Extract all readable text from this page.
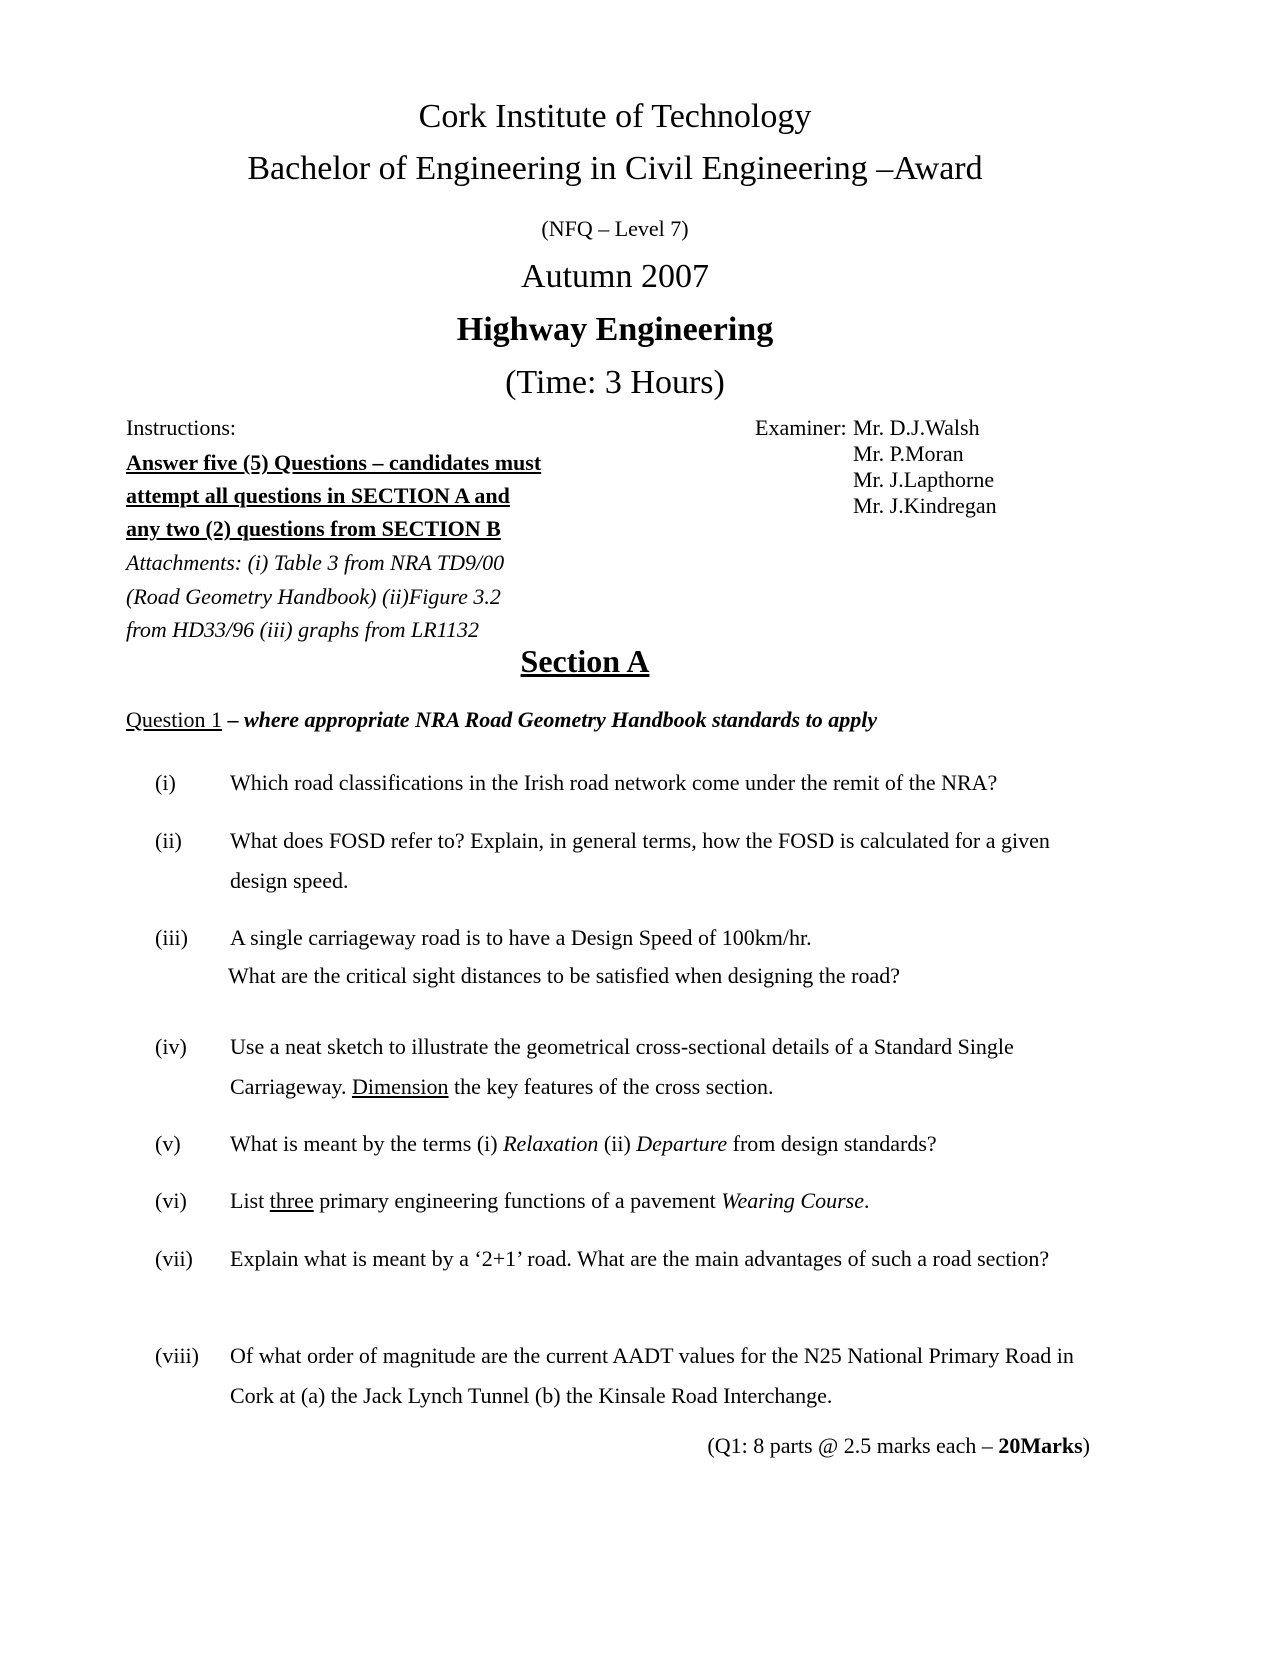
Cork Institute of Technology
Bachelor of Engineering in Civil Engineering –Award
(NFQ – Level 7)
Autumn 2007
Highway Engineering
(Time: 3 Hours)
Instructions:
Answer five (5) Questions – candidates must
attempt all questions in SECTION A and
any two (2) questions from SECTION B
Attachments: (i) Table 3 from NRA TD9/00
(Road Geometry Handbook) (ii)Figure 3.2
from HD33/96 (iii) graphs from LR1132
Examiner: Mr. D.J.Walsh
Mr. P.Moran
Mr. J.Lapthorne
Mr. J.Kindregan
Section A
Question 1 – where appropriate NRA Road Geometry Handbook standards to apply
(i) Which road classifications in the Irish road network come under the remit of the NRA?
(ii) What does FOSD refer to? Explain, in general terms, how the FOSD is calculated for a given design speed.
(iii) A single carriageway road is to have a Design Speed of 100km/hr.
What are the critical sight distances to be satisfied when designing the road?
(iv) Use a neat sketch to illustrate the geometrical cross-sectional details of a Standard Single Carriageway. Dimension the key features of the cross section.
(v) What is meant by the terms (i) Relaxation (ii) Departure from design standards?
(vi) List three primary engineering functions of a pavement Wearing Course.
(vii) Explain what is meant by a ‘2+1’ road. What are the main advantages of such a road section?
(viii) Of what order of magnitude are the current AADT values for the N25 National Primary Road in Cork at (a) the Jack Lynch Tunnel (b) the Kinsale Road Interchange.
(Q1: 8 parts @ 2.5 marks each – 20Marks)
